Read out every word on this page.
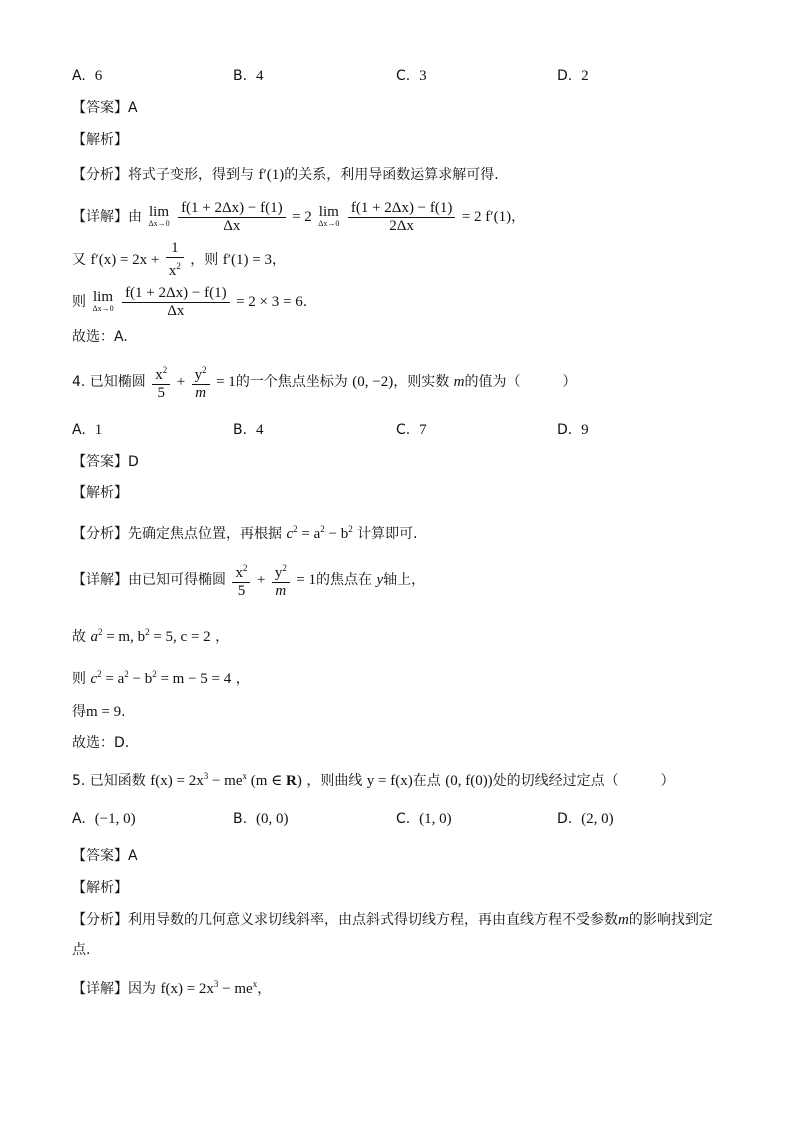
A. 6	B. 4	C. 3	D. 2
【答案】A
【解析】
【分析】将式子变形，得到与 f′(1)的关系，利用导函数运算求解可得.
【详解】由 lim
Δx→0
$\frac{f(1 + 2\Delta x) - f(1)}{\Delta x} = 2$ lim
Δx→0
$\frac{f(1 + 2\Delta x) - f(1)}{2\Delta x} = 2$ f′(1)，
又 $f'(x) = 2x + \frac{1}{x^2}$ ，则 f′(1) = 3，
则 lim
Δx→0
$\frac{f(1 + 2\Delta x) - f(1)}{\Delta x} = 2 \times 3 = 6$.
故选：A.
4. 已知椭圆 $\frac{x^2}{5} + \frac{y^2}{m} = 1$的一个焦点坐标为 (0, −2)，则实数 m的值为（　　　）
A. 1	B. 4	C. 7	D. 9
【答案】D
【解析】
【分析】先确定焦点位置，再根据 $c^2 = a^2 - b^2$ 计算即可.
【详解】由已知可得椭圆 $\frac{x^2}{5} + \frac{y^2}{m} = 1$的焦点在 y轴上，
故 $a^2 = m$, $b^2 = 5$, c = 2 ，
则 $c^2 = a^2 - b^2 = m - 5 = 4$ ，
得m = 9.
故选：D.
5. 已知函数 $f(x) = 2x^3 - me^x$ (m ∈ R) ，则曲线 y = f(x)在点 (0, f(0))处的切线经过定点（　　　）
A. (−1, 0)	B. (0, 0)	C. (1, 0)	D. (2, 0)
【答案】A
【解析】
【分析】利用导数的几何意义求切线斜率，由点斜式得切线方程，再由直线方程不受参数m的影响找到定
点.
【详解】因为 $f(x) = 2x^3 - me^x$，
